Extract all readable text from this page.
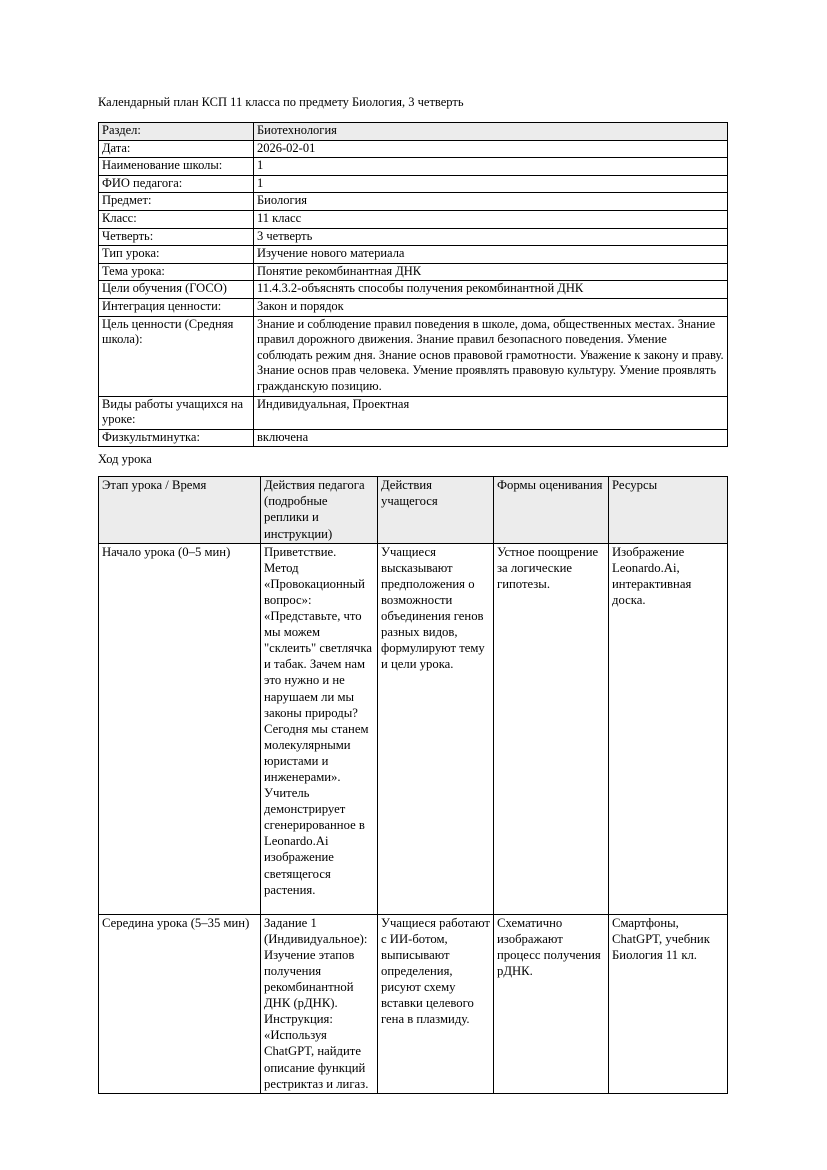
Календарный план КСП 11 класса по предмету Биология, 3 четверть

Раздел:	Биотехнология
Дата:	2026-02-01
Наименование школы:	1
ФИО педагога:	1
Предмет:	Биология
Класс:	11 класс
Четверть:	3 четверть
Тип урока:	Изучение нового материала
Тема урока:	Понятие рекомбинантная ДНК
Цели обучения (ГОСО)	11.4.3.2-объяснять способы получения рекомбинантной ДНК
Интеграция ценности:	Закон и порядок
Цель ценности (Средняя школа):	Знание и соблюдение правил поведения в школе, дома, общественных местах. Знание правил дорожного движения. Знание правил безопасного поведения. Умение соблюдать режим дня. Знание основ правовой грамотности. Уважение к закону и праву. Знание основ прав человека. Умение проявлять правовую культуру. Умение проявлять гражданскую позицию.
Виды работы учащихся на уроке:	Индивидуальная, Проектная
Физкультминутка:	включена

Ход урока

Этап урока / Время	Действия педагога (подробные реплики и инструкции)	Действия учащегося	Формы оценивания	Ресурсы
Начало урока (0–5 мин)	Приветствие. Метод «Провокационный вопрос»: «Представьте, что мы можем "склеить" светлячка и табак. Зачем нам это нужно и не нарушаем ли мы законы природы? Сегодня мы станем молекулярными юристами и инженерами». Учитель демонстрирует сгенерированное в Leonardo.Ai изображение светящегося растения.	Учащиеся высказывают предположения о возможности объединения генов разных видов, формулируют тему и цели урока.	Устное поощрение за логические гипотезы.	Изображение Leonardo.Ai, интерактивная доска.
Середина урока (5–35 мин)	Задание 1 (Индивидуальное): Изучение этапов получения рекомбинантной ДНК (рДНК). Инструкция: «Используя ChatGPT, найдите описание функций рестриктаз и лигаз.	Учащиеся работают с ИИ-ботом, выписывают определения, рисуют схему вставки целевого гена в плазмиду.	Схематично изображают процесс получения рДНК.	Смартфоны, ChatGPT, учебник Биология 11 кл.
